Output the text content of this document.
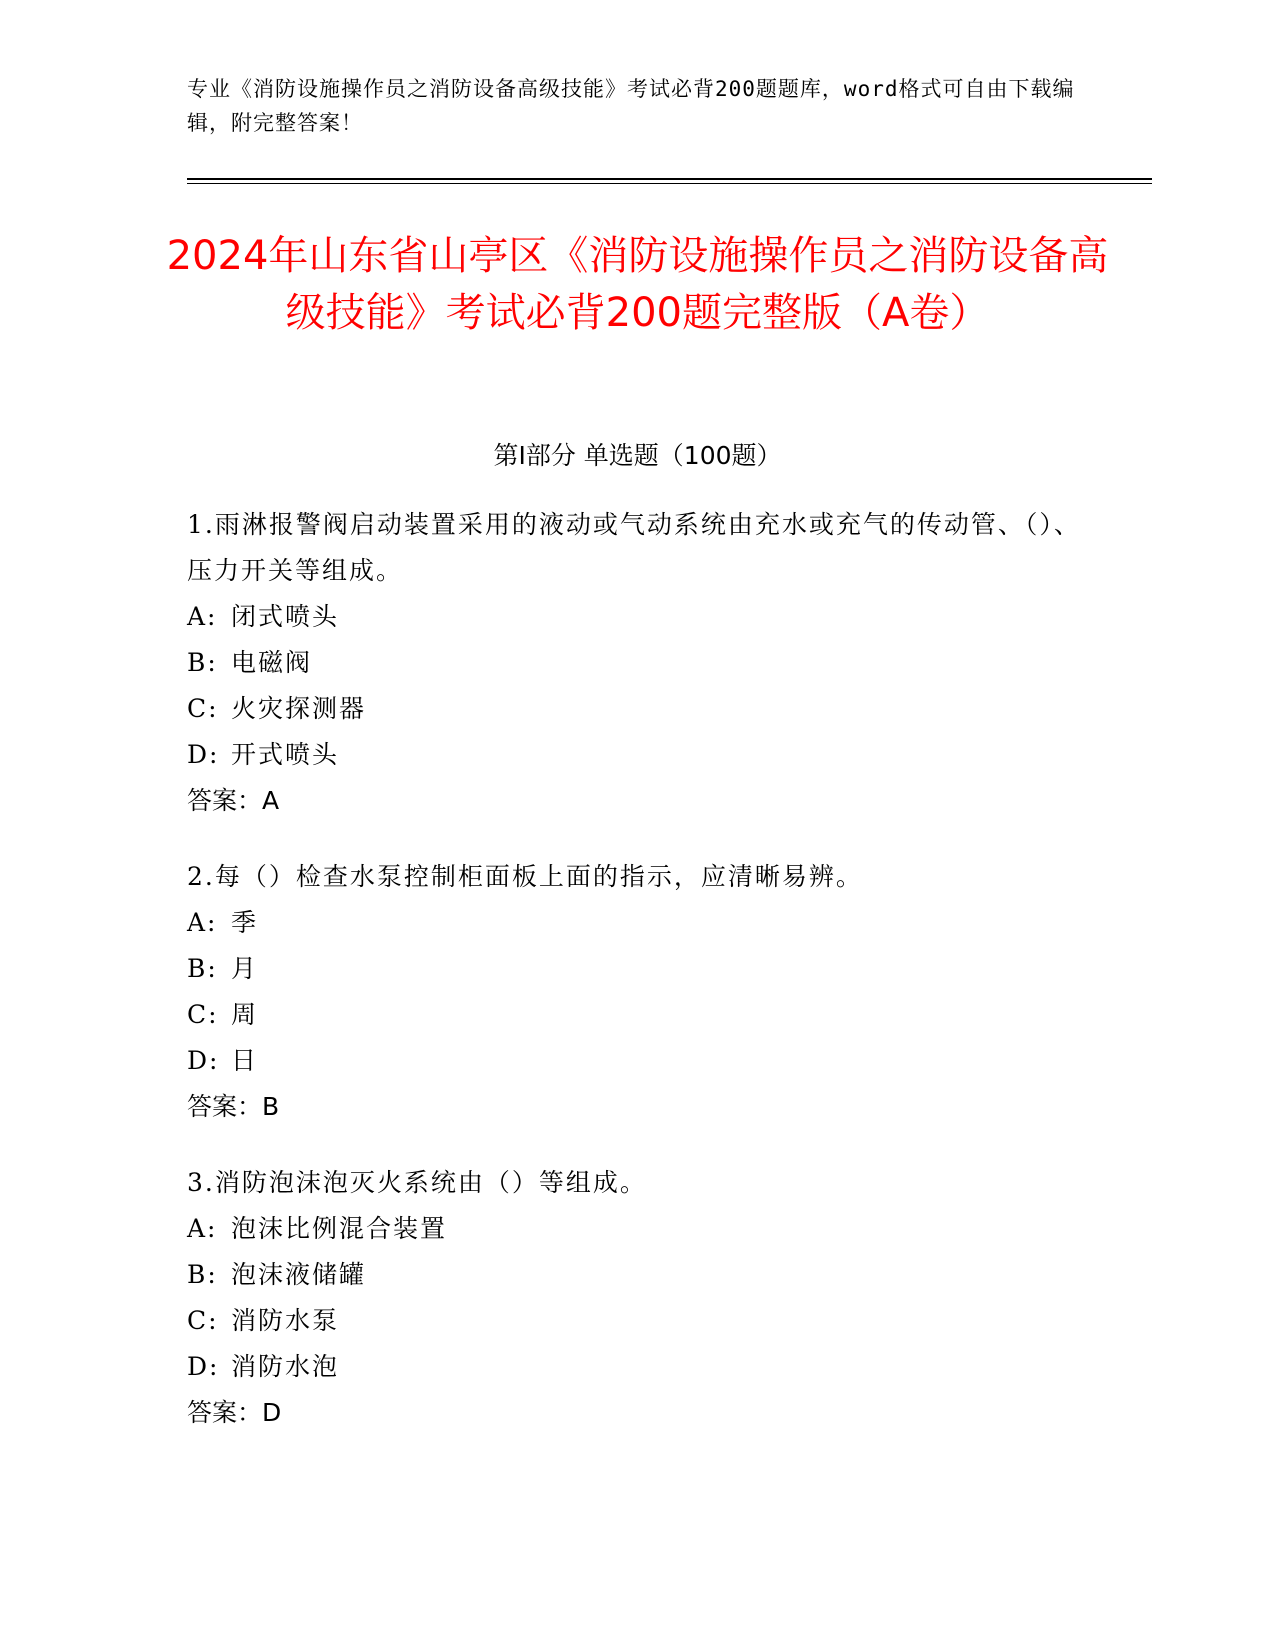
专业《消防设施操作员之消防设备高级技能》考试必背200题题库，word格式可自由下载编辑，附完整答案！
2024年山东省山亭区《消防设施操作员之消防设备高级技能》考试必背200题完整版（A卷）
第I部分 单选题（100题）
1.雨淋报警阀启动装置采用的液动或气动系统由充水或充气的传动管、（）、压力开关等组成。
A: 闭式喷头
B: 电磁阀
C: 火灾探测器
D: 开式喷头
答案：A
2.每（）检查水泵控制柜面板上面的指示，应清晰易辨。
A: 季
B: 月
C: 周
D: 日
答案：B
3.消防泡沫泡灭火系统由（）等组成。
A: 泡沫比例混合装置
B: 泡沫液储罐
C: 消防水泵
D: 消防水泡
答案：D
